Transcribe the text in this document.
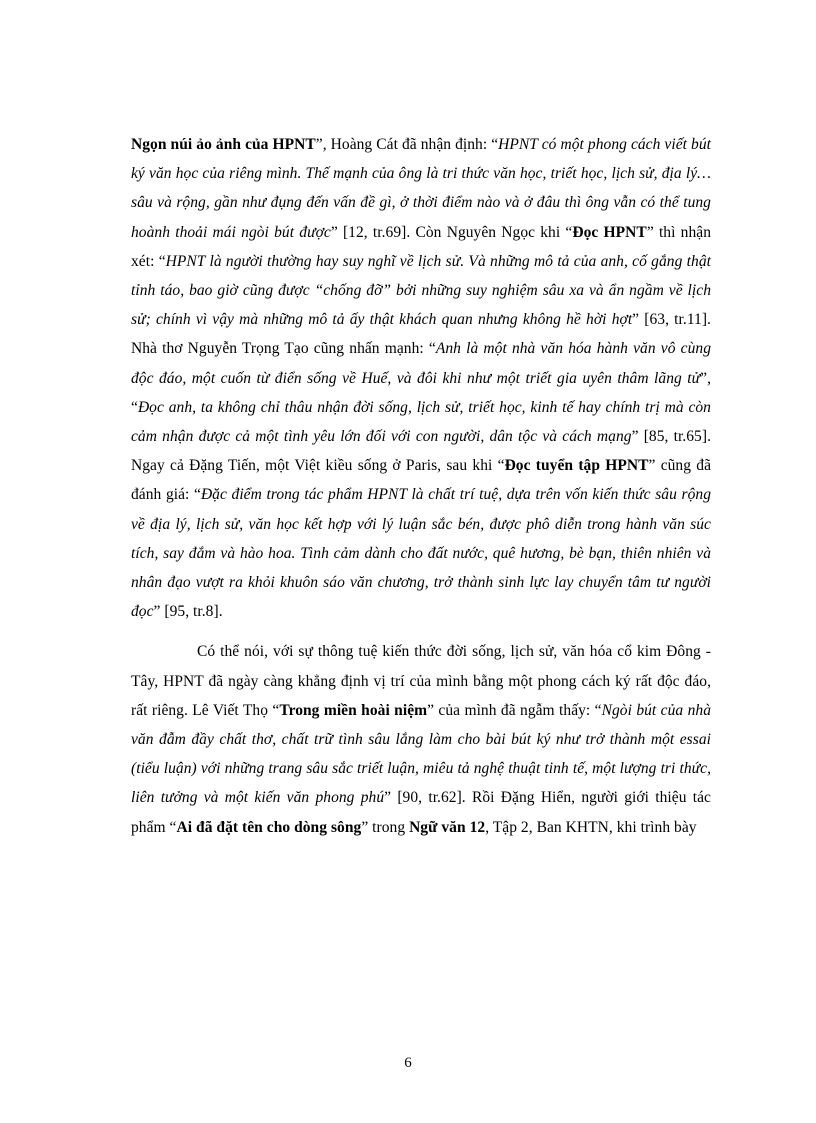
Ngọn núi ảo ảnh của HPNT”, Hoàng Cát đã nhận định: “HPNT có một phong cách viết bút ký văn học của riêng mình. Thế mạnh của ông là tri thức văn học, triết học, lịch sử, địa lý… sâu và rộng, gần như đụng đến vấn đề gì, ở thời điểm nào và ở đâu thì ông vẫn có thể tung hoành thoải mái ngòi bút được” [12, tr.69]. Còn Nguyên Ngọc khi “Đọc HPNT” thì nhận xét: “HPNT là người thường hay suy nghĩ về lịch sử. Và những mô tả của anh, cố gắng thật tỉnh táo, bao giờ cũng được “chống đỡ” bởi những suy nghiệm sâu xa và ẩn ngầm về lịch sử; chính vì vậy mà những mô tả ấy thật khách quan nhưng không hề hời hợt” [63, tr.11]. Nhà thơ Nguyễn Trọng Tạo cũng nhấn mạnh: “Anh là một nhà văn hóa hành văn vô cùng độc đáo, một cuốn từ điển sống về Huế, và đôi khi như một triết gia uyên thâm lãng tử”, “Đọc anh, ta không chỉ thâu nhận đời sống, lịch sử, triết học, kinh tế hay chính trị mà còn cảm nhận được cả một tình yêu lớn đối với con người, dân tộc và cách mạng” [85, tr.65]. Ngay cả Đặng Tiến, một Việt kiều sống ở Paris, sau khi “Đọc tuyển tập HPNT” cũng đã đánh giá: “Đặc điểm trong tác phẩm HPNT là chất trí tuệ, dựa trên vốn kiến thức sâu rộng về địa lý, lịch sử, văn học kết hợp với lý luận sắc bén, được phô diễn trong hành văn súc tích, say đắm và hào hoa. Tình cảm dành cho đất nước, quê hương, bè bạn, thiên nhiên và nhân đạo vượt ra khỏi khuôn sáo văn chương, trở thành sinh lực lay chuyển tâm tư người đọc” [95, tr.8].

Có thể nói, với sự thông tuệ kiến thức đời sống, lịch sử, văn hóa cổ kim Đông - Tây, HPNT đã ngày càng khẳng định vị trí của mình bằng một phong cách ký rất độc đáo, rất riêng. Lê Viết Thọ “Trong miền hoài niệm” của mình đã ngẫm thấy: “Ngòi bút của nhà văn đẫm đầy chất thơ, chất trữ tình sâu lắng làm cho bài bút ký như trở thành một essai (tiểu luận) với những trang sâu sắc triết luận, miêu tả nghệ thuật tinh tế, một lượng tri thức, liên tưởng và một kiến văn phong phú” [90, tr.62]. Rồi Đặng Hiển, người giới thiệu tác phẩm “Ai đã đặt tên cho dòng sông” trong Ngữ văn 12, Tập 2, Ban KHTN, khi trình bày

6
